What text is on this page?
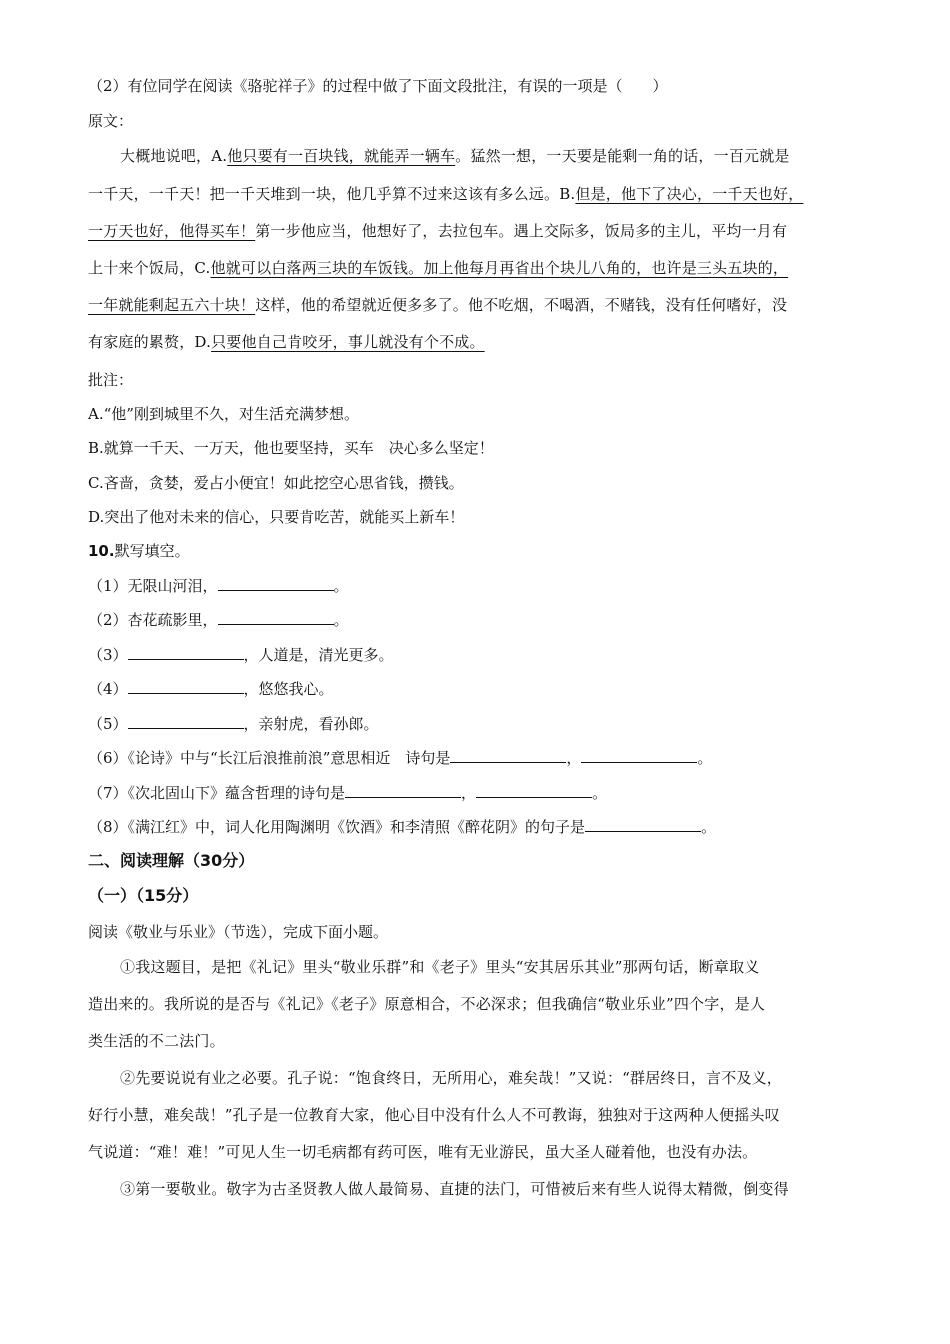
（2）有位同学在阅读《骆驼祥子》的过程中做了下面文段批注，有误的一项是（　　）
原文：
大概地说吧，A.他只要有一百块钱，就能弄一辆车。猛然一想，一天要是能剩一角的话，一百元就是
一千天，一千天！把一千天堆到一块，他几乎算不过来这该有多么远。B.但是，他下了决心，一千天也好，
一万天也好，他得买车！第一步他应当，他想好了，去拉包车。遇上交际多，饭局多的主儿，平均一月有
上十来个饭局，C.他就可以白落两三块的车饭钱。加上他每月再省出个块儿八角的，也许是三头五块的，
一年就能剩起五六十块！这样，他的希望就近便多多了。他不吃烟，不喝酒，不赌钱，没有任何嗜好，没
有家庭的累赘，D.只要他自己肯咬牙，事儿就没有个不成。
批注：
A.“他”刚到城里不久，对生活充满梦想。
B.就算一千天、一万天，他也要坚持，买车　决心多么坚定！
C.吝啬，贪婪，爱占小便宜！如此挖空心思省钱，攒钱。
D.突出了他对未来的信心，只要肯吃苦，就能买上新车！
10.默写填空。
（1）无限山河泪，	。
（2）杏花疏影里，	。
（3）	，人道是，清光更多。
（4）	，悠悠我心。
（5）	，亲射虎，看孙郎。
（6）《论诗》中与“长江后浪推前浪”意思相近　诗句是	，	。
（7）《次北固山下》蕴含哲理的诗句是	，	。
（8）《满江红》中，词人化用陶渊明《饮酒》和李清照《醉花阴》的句子是	。
二、阅读理解（30分）
（一）（15分）
阅读《敬业与乐业》（节选），完成下面小题。
①我这题目，是把《礼记》里头“敬业乐群”和《老子》里头“安其居乐其业”那两句话，断章取义
造出来的。我所说的是否与《礼记》《老子》原意相合，不必深求；但我确信“敬业乐业”四个字，是人
类生活的不二法门。
②先要说说有业之必要。孔子说：“饱食终日，无所用心，难矣哉！”又说：“群居终日，言不及义，
好行小慧，难矣哉！”孔子是一位教育大家，他心目中没有什么人不可教诲，独独对于这两种人便摇头叹
气说道：“难！难！”可见人生一切毛病都有药可医，唯有无业游民，虽大圣人碰着他，也没有办法。
③第一要敬业。敬字为古圣贤教人做人最简易、直捷的法门，可惜被后来有些人说得太精微，倒变得
